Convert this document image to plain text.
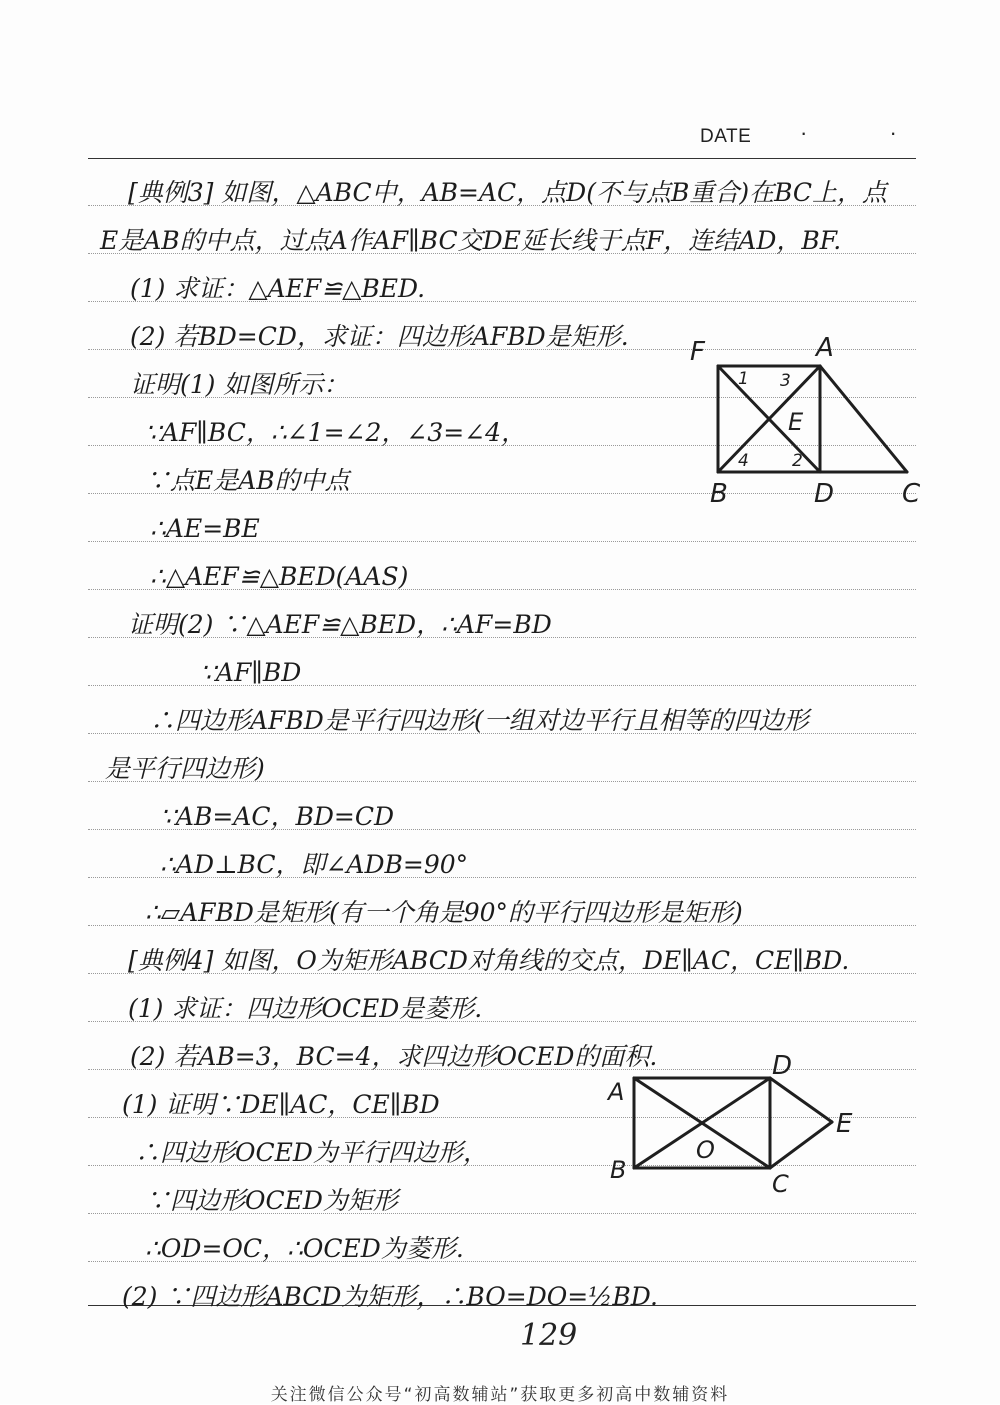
DATE · ·
[典例3] 如图，△ABC中，AB=AC，点D(不与点B重合)在BC上，点
E是AB的中点，过点A作AF∥BC交DE延长线于点F，连结AD，BF.
(1) 求证：△AEF≌△BED.
(2) 若BD=CD，求证：四边形AFBD是矩形.
证明(1) 如图所示：
∵AF∥BC，∴∠1=∠2，∠3=∠4，
∵点E是AB的中点
∴AE=BE
∴△AEF≌△BED(AAS)
证明(2) ∵△AEF≌△BED，∴AF=BD
∵AF∥BD
∴四边形AFBD是平行四边形(一组对边平行且相等的四边形
是平行四边形)
∵AB=AC，BD=CD
∴AD⊥BC，即∠ADB=90°
∴▱AFBD是矩形(有一个角是90°的平行四边形是矩形)
[典例4] 如图，O为矩形ABCD对角线的交点，DE∥AC，CE∥BD.
(1) 求证：四边形OCED是菱形.
(2) 若AB=3，BC=4，求四边形OCED的面积.
(1) 证明∵DE∥AC，CE∥BD
∴四边形OCED为平行四边形，
∵四边形OCED为矩形
∴OD=OC，∴OCED为菱形.
(2) ∵四边形ABCD为矩形，∴BO=DO=½BD.
F	A
B	D	C
E
1 3
4	2
A
D
E
O
B	C
129
关注微信公众号“初高数辅站”获取更多初高中数辅资料
